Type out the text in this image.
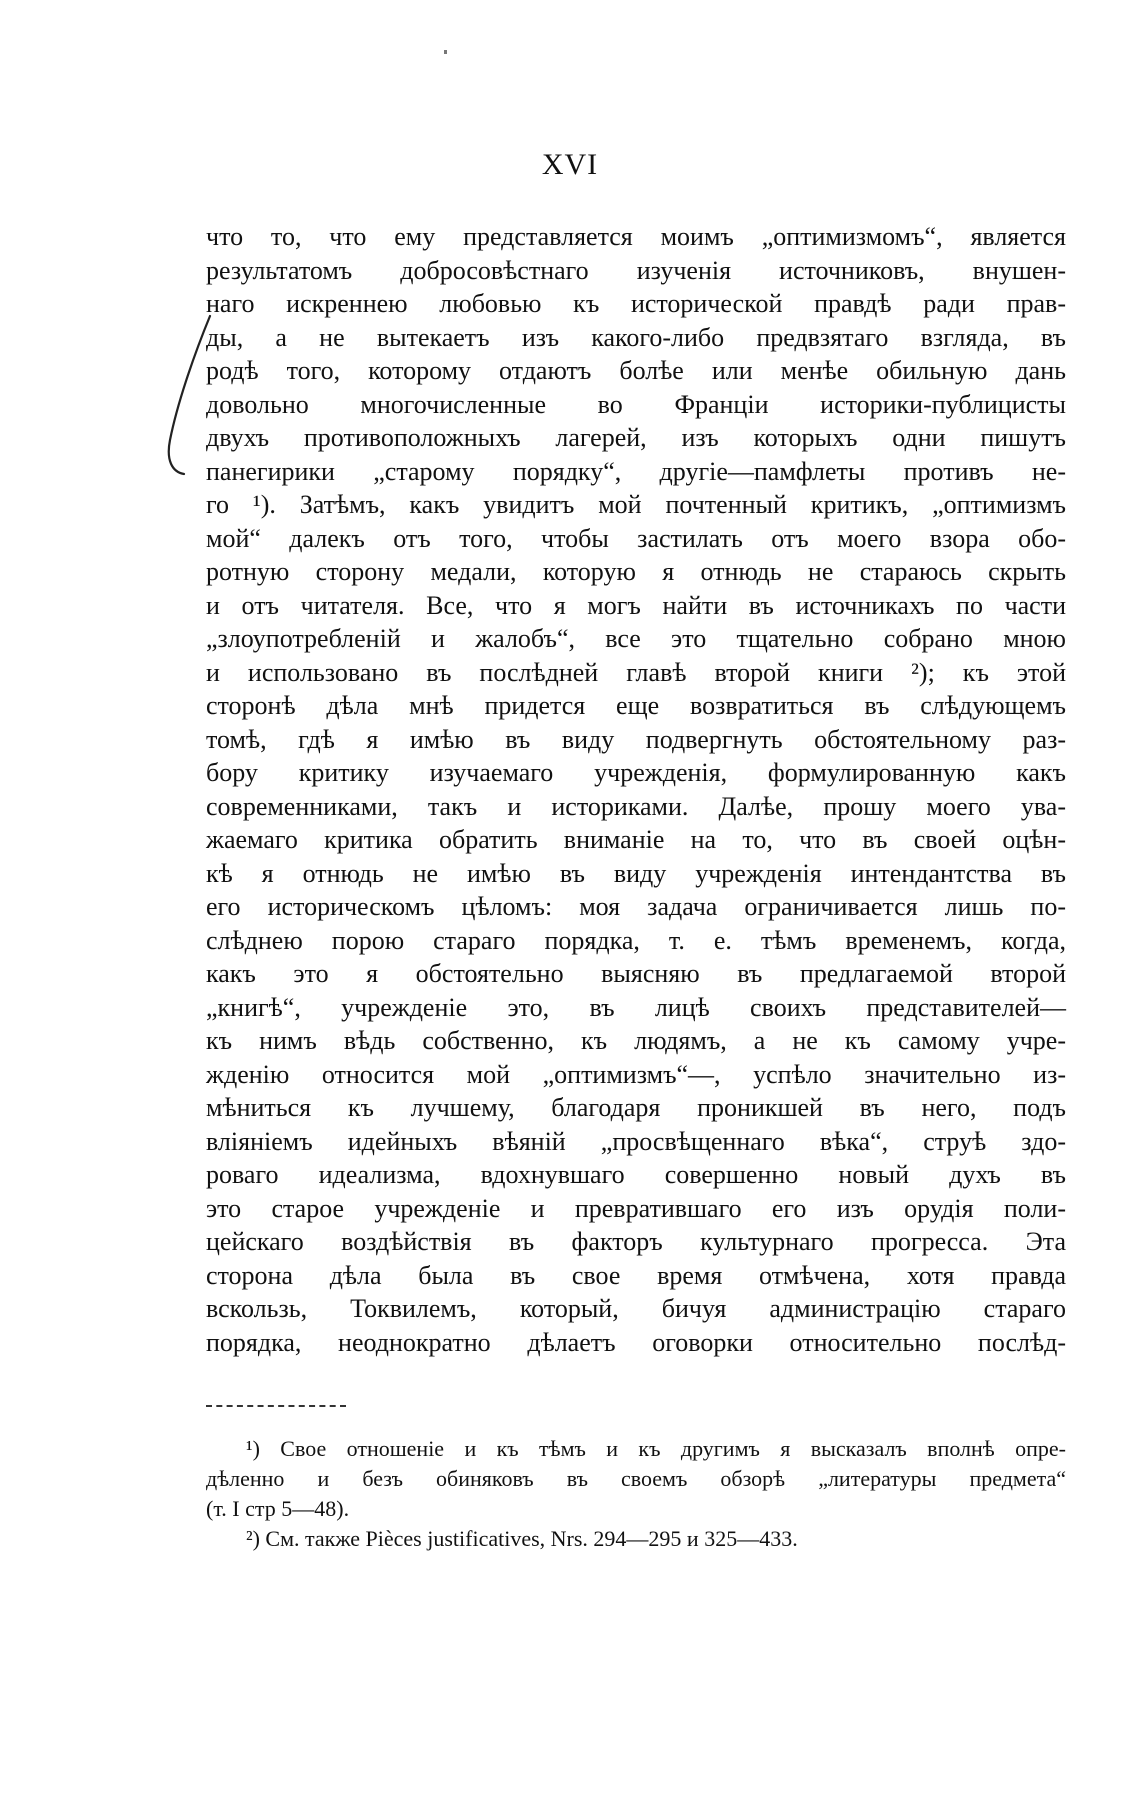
XVI
что то, что ему представляется моимъ „оптимизмомъ“, является
результатомъ добросовѣстнаго изученія источниковъ, внушен-
наго искреннею любовью къ исторической правдѣ ради прав-
ды, а не вытекаетъ изъ какого-либо предвзятаго взгляда, въ
родѣ того, которому отдаютъ болѣе или менѣе обильную дань
довольно многочисленные во Франціи историки-публицисты
двухъ противоположныхъ лагерей, изъ которыхъ одни пишутъ
панегирики „старому порядку“, другіе—памфлеты противъ не-
го ¹). Затѣмъ, какъ увидитъ мой почтенный критикъ, „оптимизмъ
мой“ далекъ отъ того, чтобы застилать отъ моего взора обо-
ротную сторону медали, которую я отнюдь не стараюсь скрыть
и отъ читателя. Все, что я могъ найти въ источникахъ по части
„злоупотребленій и жалобъ“, все это тщательно собрано мною
и использовано въ послѣдней главѣ второй книги ²); къ этой
сторонѣ дѣла мнѣ придется еще возвратиться въ слѣдующемъ
томѣ, гдѣ я имѣю въ виду подвергнуть обстоятельному раз-
бору критику изучаемаго учрежденія, формулированную какъ
современниками, такъ и историками. Далѣе, прошу моего ува-
жаемаго критика обратить вниманіе на то, что въ своей оцѣн-
кѣ я отнюдь не имѣю въ виду учрежденія интендантства въ
его историческомъ цѣломъ: моя задача ограничивается лишь по-
слѣднею порою стараго порядка, т. е. тѣмъ временемъ, когда,
какъ это я обстоятельно выясняю въ предлагаемой второй
„книгѣ“, учрежденіе это, въ лицѣ своихъ представителей—
къ нимъ вѣдь собственно, къ людямъ, а не къ самому учре-
жденію относится мой „оптимизмъ“—, успѣло значительно из-
мѣниться къ лучшему, благодаря проникшей въ него, подъ
вліяніемъ идейныхъ вѣяній „просвѣщеннаго вѣка“, струѣ здо-
роваго идеализма, вдохнувшаго совершенно новый духъ въ
это старое учрежденіе и превратившаго его изъ орудія поли-
цейскаго воздѣйствія въ факторъ культурнаго прогресса. Эта
сторона дѣла была въ свое время отмѣчена, хотя правда
вскользь, Токвилемъ, который, бичуя администрацію стараго
порядка, неоднократно дѣлаетъ оговорки относительно послѣд-
¹) Свое отношеніе и къ тѣмъ и къ другимъ я высказалъ вполнѣ опре-
дѣленно и безъ обиняковъ въ своемъ обзорѣ „литературы предмета“
(т. I стр 5—48).
²) См. также Pièces justificatives, Nrs. 294—295 и 325—433.
